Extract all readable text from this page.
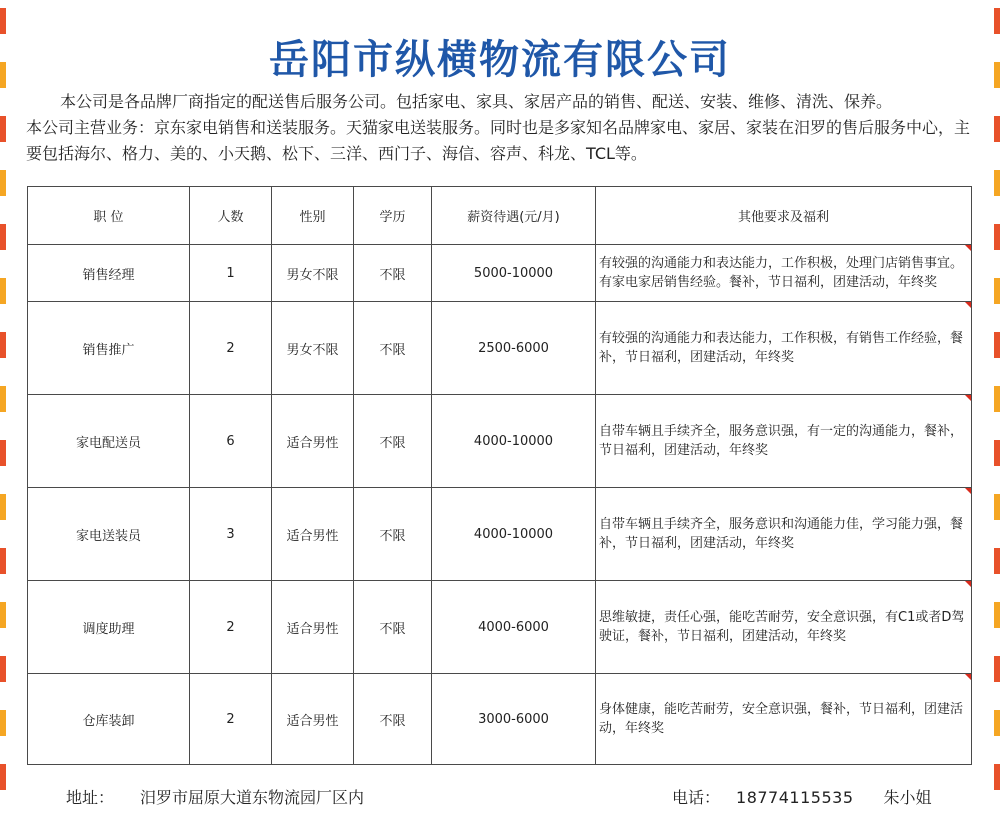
岳阳市纵横物流有限公司

本公司是各品牌厂商指定的配送售后服务公司。包括家电、家具、家居产品的销售、配送、安装、维修、清洗、保养。

本公司主营业务：京东家电销售和送装服务。天猫家电送装服务。同时也是多家知名品牌家电、家居、家装在汨罗的售后服务中心，主要包括海尔、格力、美的、小天鹅、松下、三洋、西门子、海信、容声、科龙、TCL等。

职 位	人数	性别	学历	薪资待遇(元/月)	其他要求及福利
销售经理	1	男女不限	不限	5000-10000	有较强的沟通能力和表达能力，工作积极，处理门店销售事宜。有家电家居销售经验。餐补，节日福利，团建活动，年终奖

销售推广	2	男女不限	不限	2500-6000	有较强的沟通能力和表达能力，工作积极，有销售工作经验，餐补，节日福利，团建活动，年终奖

家电配送员	6	适合男性	不限	4000-10000	自带车辆且手续齐全，服务意识强，有一定的沟通能力，餐补，节日福利，团建活动，年终奖

家电送装员	3	适合男性	不限	4000-10000	自带车辆且手续齐全，服务意识和沟通能力佳，学习能力强，餐补，节日福利，团建活动，年终奖

调度助理	2	适合男性	不限	4000-6000	思维敏捷，责任心强，能吃苦耐劳，安全意识强，有C1或者D驾驶证，餐补，节日福利，团建活动，年终奖

仓库装卸	2	适合男性	不限	3000-6000	身体健康，能吃苦耐劳，安全意识强，餐补，节日福利，团建活动，年终奖
地址： 汨罗市屈原大道东物流园厂区内	电话： 18774115535 朱小姐
